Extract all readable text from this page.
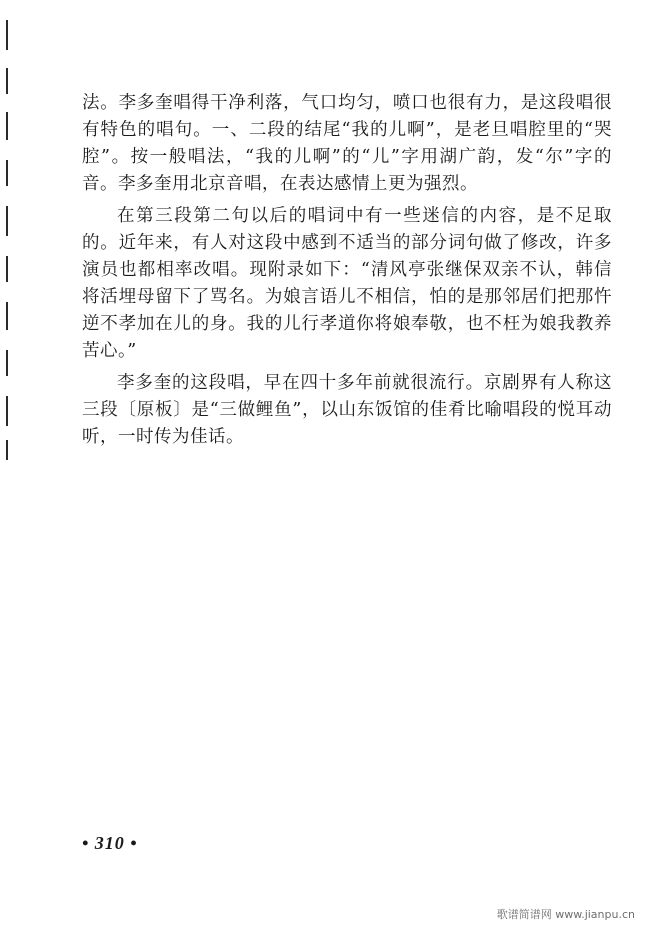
法。李多奎唱得干净利落，气口均匀，喷口也很有力，是这段唱很有特色的唱句。一、二段的结尾“我的儿啊”，是老旦唱腔里的“哭腔”。按一般唱法，“我的儿啊”的“儿”字用湖广韵，发“尔”字的音。李多奎用北京音唱，在表达感情上更为强烈。

在第三段第二句以后的唱词中有一些迷信的内容，是不足取的。近年来，有人对这段中感到不适当的部分词句做了修改，许多演员也都相率改唱。现附录如下：“清风亭张继保双亲不认，韩信将活埋母留下了骂名。为娘言语儿不相信，怕的是那邻居们把那忤逆不孝加在儿的身。我的儿行孝道你将娘奉敬，也不枉为娘我教养苦心。”

李多奎的这段唱，早在四十多年前就很流行。京剧界有人称这三段〔原板〕是“三做鲤鱼”，以山东饭馆的佳肴比喻唱段的悦耳动听，一时传为佳话。

• 310 •
歌谱简谱网 www.jianpu.cn
